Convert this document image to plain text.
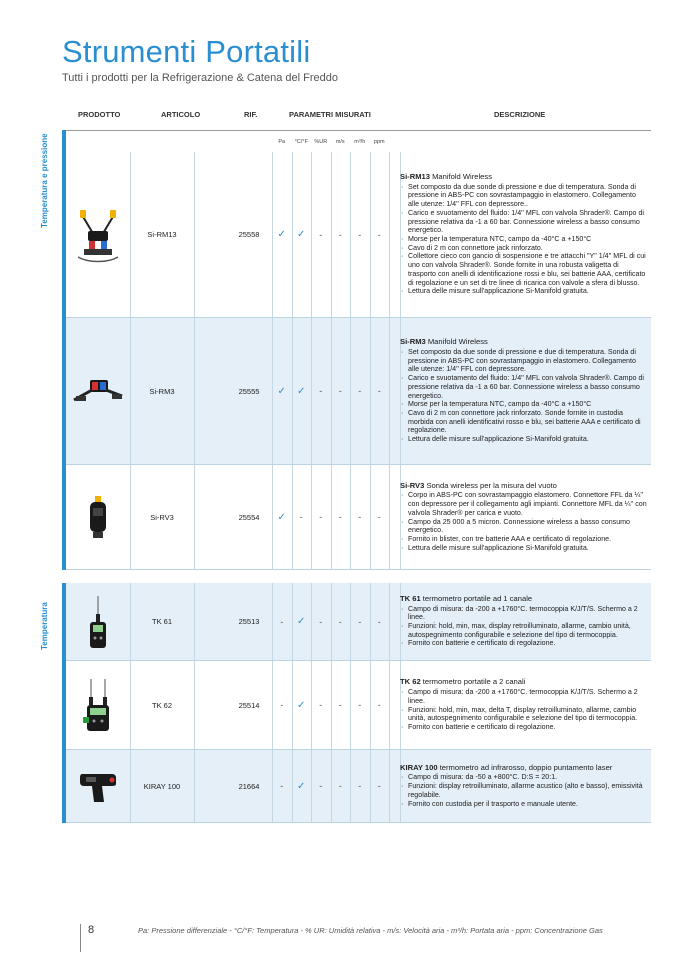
Strumenti Portatili
Tutti i prodotti per la Refrigerazione & Catena del Freddo
PRODOTTO	ARTICOLO	RIF.	PARAMETRI MISURATI	DESCRIZIONE
Pa	°C/°F	%UR	m/s	m³/h	ppm
Temperatura e pressione
Temperatura
Si-RM13	25558	✓	✓	-	-	-	-
Si-RM13 Manifold Wireless
· Set composto da due sonde di pressione e due di temperatura. Sonda di pressione in ABS-PC con sovrastampaggio in elastomero. Collegamento alle utenze: 1/4'' FFL con depressore..
· Carico e svuotamento del fluido: 1/4'' MFL con valvola Shrader®. Campo di pressione relativa da -1 a 60 bar. Connessione wireless a basso consumo energetico.
· Morse per la temperatura NTC, campo da -40°C a +150°C
· Cavo di 2 m con connettore jack rinforzato.
· Collettore cieco con gancio di sospensione e tre attacchi "Y" 1/4'' MFL di cui uno con valvola Shrader®. Sonde fornite in una robusta valigetta di trasporto con anelli di identificazione rossi e blu, sei batterie AAA, certificato di regolazione e un set di tre linee di ricarica con valvole a sfera di blusso.
· Lettura delle misure sull'applicazione Si-Manifold gratuita.
Si-RM3	25555	✓	✓	-	-	-	-
Si-RM3 Manifold Wireless
· Set composto da due sonde di pressione e due di temperatura. Sonda di pressione in ABS-PC con sovrastampaggio in elastomero. Collegamento alle utenze: 1/4'' FFL con depressore.
· Carico e svuotamento del fluido: 1/4'' MFL con valvola Shrader®. Campo di pressione relativa da -1 a 60 bar. Connessione wireless a basso consumo energetico.
· Morse per la temperatura NTC, campo da -40°C a +150°C
· Cavo di 2 m con connettore jack rinforzato. Sonde fornite in custodia morbida con anelli identificativi rosso e blu, sei batterie AAA e certificato di regolazione.
· Lettura delle misure sull'applicazione Si-Manifold gratuita.
Si-RV3	25554	✓	-	-	-	-	-
Si-RV3 Sonda wireless per la misura del vuoto
· Corpo in ABS-PC con sovrastampaggio elastomero. Connettore FFL da ¼'' con depressore per il collegamento agli impianti. Connettore MFL da ¼'' con valvola Shrader® per carica e vuoto.
· Campo da 25 000 a 5 micron. Connessione wireless a basso consumo energetico.
· Fornito in blister, con tre batterie AAA e certificato di regolazione.
· Lettura delle misure sull'applicazione Si-Manifold gratuita.
TK 61	25513	-	✓	-	-	-	-
TK 61 termometro portatile ad 1 canale
· Campo di misura: da -200 a +1760°C. termocoppia K/J/T/S. Schermo a 2 linee.
· Funzioni: hold, min, max, display retroilluminato, allarme, cambio unità, autospegnimento configurabile e selezione del tipo di termocoppia.
· Fornito con batterie e certificato di regolazione.
TK 62	25514	-	✓	-	-	-	-
TK 62 termometro portatile a 2 canali
· Campo di misura: da -200 a +1760°C. termocoppia K/J/T/S. Schermo a 2 linee.
· Funzioni: hold, min, max, delta T, display retroilluminato, allarme, cambio unità, autospegnimento configurabile e selezione del tipo di termocoppia.
· Fornito con batterie e certificato di regolazione.
KIRAY 100	21664	-	✓	-	-	-	-
KIRAY 100 termometro ad infrarosso, doppio puntamento laser
· Campo di misura: da -50 a +800°C. D:S = 20:1.
· Funzioni: display retroilluminato, allarme acustico (alto e basso), emissività regolabile.
· Fornito con custodia per il trasporto e manuale utente.
8	Pa: Pressione differenziale - °C/°F: Temperatura - % UR: Umidità relativa - m/s: Velocità aria - m³/h: Portata aria - ppm: Concentrazione Gas
